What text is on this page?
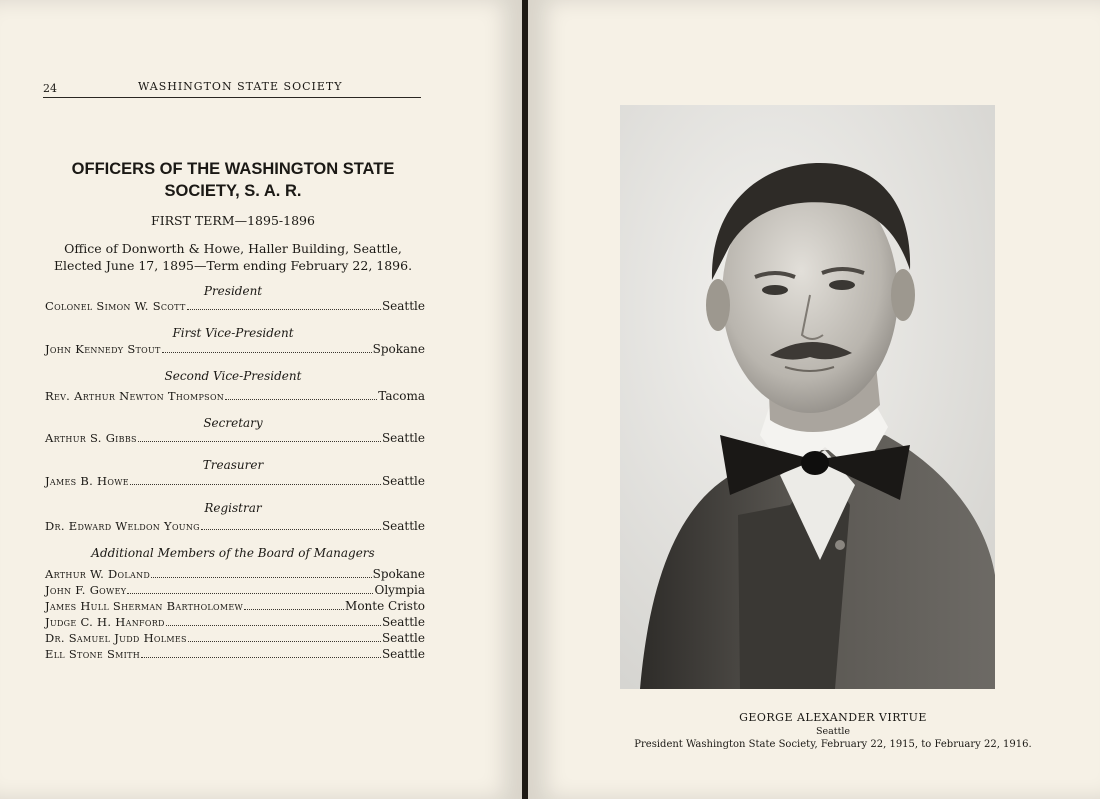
24	WASHINGTON STATE SOCIETY
OFFICERS OF THE WASHINGTON STATE
SOCIETY, S. A. R.
FIRST TERM—1895-1896
Office of Donworth & Howe, Haller Building, Seattle,
Elected June 17, 1895—Term ending February 22, 1896.
President
Colonel Simon W. Scott	Seattle
First Vice-President
John Kennedy Stout	Spokane
Second Vice-President
Rev. Arthur Newton Thompson	Tacoma
Secretary
Arthur S. Gibbs	Seattle
Treasurer
James B. Howe	Seattle
Registrar
Dr. Edward Weldon Young	Seattle
Additional Members of the Board of Managers
Arthur W. Doland	Spokane
John F. Gowey	Olympia
James Hull Sherman Bartholomew	Monte Cristo
Judge C. H. Hanford	Seattle
Dr. Samuel Judd Holmes	Seattle
Ell Stone Smith	Seattle
GEORGE ALEXANDER VIRTUE
Seattle
President Washington State Society, February 22, 1915, to February 22, 1916.
